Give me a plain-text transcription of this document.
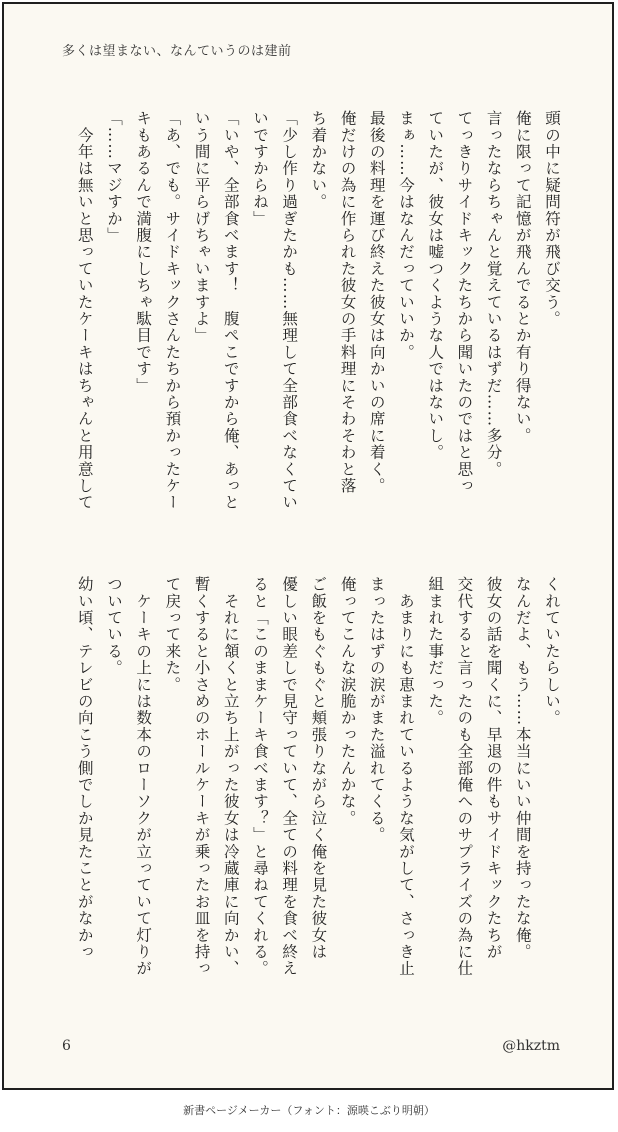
多くは望まない、なんていうのは建前
頭の中に疑問符が飛び交う。
俺に限って記憶が飛んでるとか有り得ない。
言ったならちゃんと覚えているはずだ……多分。
てっきりサイドキックたちから聞いたのではと思っ
ていたが、彼女は嘘つくような人ではないし。
まぁ……今はなんだっていいか。
最後の料理を運び終えた彼女は向かいの席に着く。
俺だけの為に作られた彼女の手料理にそわそわと落
ち着かない。
「少し作り過ぎたかも……無理して全部食べなくてい
いですからね」
「いや、全部食べます！　腹ぺこですから俺、あっと
いう間に平らげちゃいますよ」
「あ、でも。サイドキックさんたちから預かったケー
キもあるんで満腹にしちゃ駄目です」
「……マジすか」
　今年は無いと思っていたケーキはちゃんと用意して
くれていたらしい。
なんだよ、もう……本当にいい仲間を持ったな俺。
彼女の話を聞くに、早退の件もサイドキックたちが
交代すると言ったのも全部俺へのサプライズの為に仕
組まれた事だった。
　あまりにも恵まれているような気がして、さっき止
まったはずの涙がまた溢れてくる。
俺ってこんな涙脆かったんかな。
ご飯をもぐもぐと頬張りながら泣く俺を見た彼女は
優しい眼差しで見守っていて、全ての料理を食べ終え
ると「このままケーキ食べます？」と尋ねてくれる。
　それに頷くと立ち上がった彼女は冷蔵庫に向かい、
暫くすると小さめのホールケーキが乗ったお皿を持っ
て戻って来た。
　ケーキの上には数本のローソクが立っていて灯りが
ついている。
幼い頃、テレビの向こう側でしか見たことがなかっ
6	@hkztm
新書ページメーカー（フォント：源暎こぶり明朝）
